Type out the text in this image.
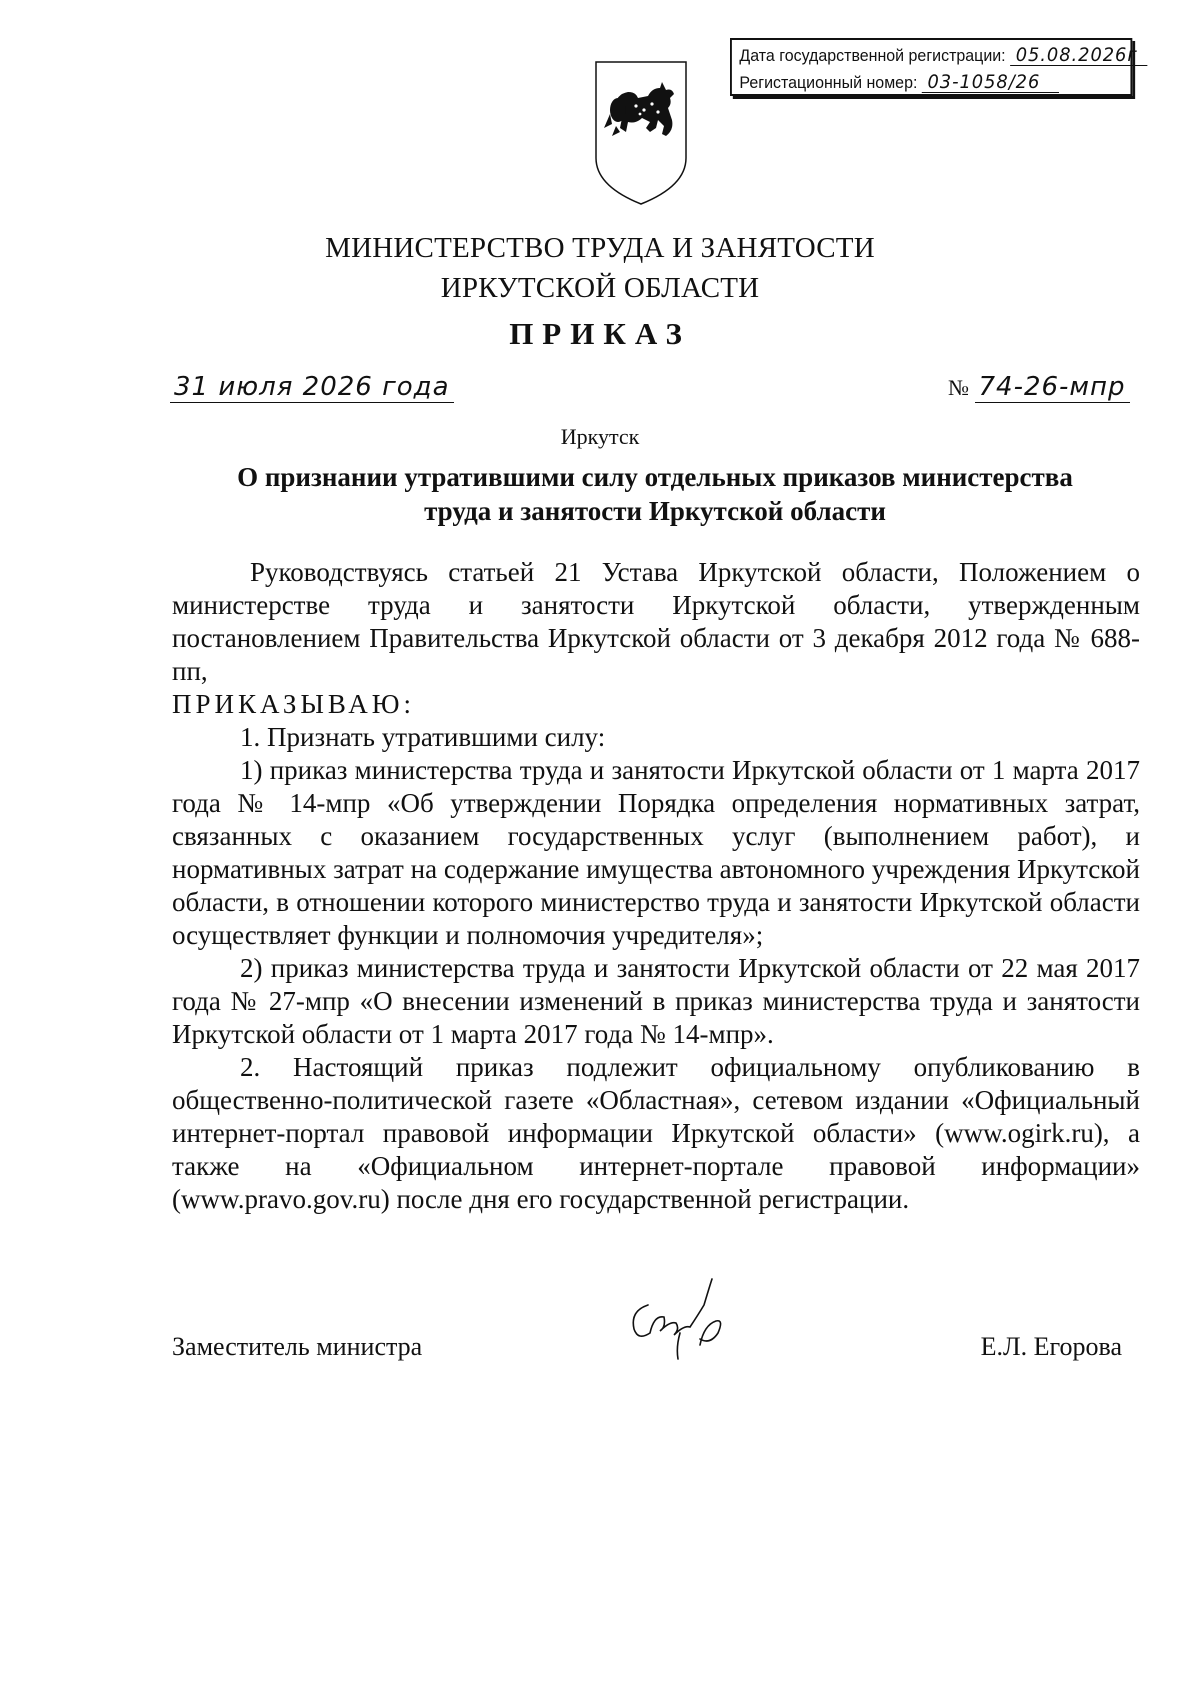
Дата государственной регистрации: 05.08.2026г
Регистационный номер: 03-1058/26
МИНИСТЕРСТВО ТРУДА И ЗАНЯТОСТИ
ИРКУТСКОЙ ОБЛАСТИ
ПРИКАЗ
31 июля 2026 года	№ 74-26-мпр
Иркутск
О признании утратившими силу отдельных приказов министерства
труда и занятости Иркутской области

Руководствуясь статьей 21 Устава Иркутской области, Положением о министерстве труда и занятости Иркутской области, утвержденным постановлением Правительства Иркутской области от 3 декабря 2012 года № 688-пп,

ПРИКАЗЫВАЮ:

1. Признать утратившими силу:

1) приказ министерства труда и занятости Иркутской области от 1 марта 2017 года № 14-мпр «Об утверждении Порядка определения нормативных затрат, связанных с оказанием государственных услуг (выполнением работ), и нормативных затрат на содержание имущества автономного учреждения Иркутской области, в отношении которого министерство труда и занятости Иркутской области осуществляет функции и полномочия учредителя»;

2) приказ министерства труда и занятости Иркутской области от 22 мая 2017 года № 27-мпр «О внесении изменений в приказ министерства труда и занятости Иркутской области от 1 марта 2017 года № 14-мпр».

2. Настоящий приказ подлежит официальному опубликованию в общественно-политической газете «Областная», сетевом издании «Официальный интернет-портал правовой информации Иркутской области» (www.ogirk.ru), а также на «Официальном интернет-портале правовой информации» (www.pravo.gov.ru) после дня его государственной регистрации.

Заместитель министра	Е.Л. Егорова
